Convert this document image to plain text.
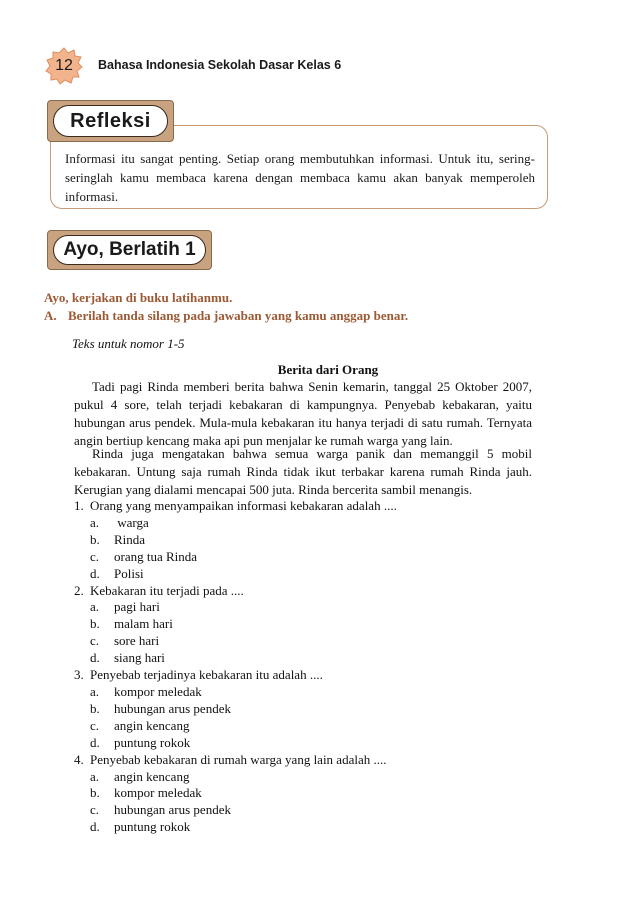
12	Bahasa Indonesia Sekolah Dasar Kelas 6
Informasi itu sangat penting. Setiap orang membutuhkan informasi. Untuk itu, sering-seringlah kamu membaca karena dengan membaca kamu akan banyak memperoleh informasi.
Refleksi
Ayo, Berlatih 1
Ayo, kerjakan di buku latihanmu.
A. Berilah tanda silang pada jawaban yang kamu anggap benar.
Teks untuk nomor 1-5
Berita dari Orang
Tadi pagi Rinda memberi berita bahwa Senin kemarin, tanggal 25 Oktober 2007, pukul 4 sore, telah terjadi kebakaran di kampungnya. Penyebab kebakaran, yaitu hubungan arus pendek. Mula-mula kebakaran itu hanya terjadi di satu rumah. Ternyata angin bertiup kencang maka api pun menjalar ke rumah warga yang lain.
Rinda juga mengatakan bahwa semua warga panik dan memanggil 5 mobil kebakaran. Untung saja rumah Rinda tidak ikut terbakar karena rumah Rinda jauh. Kerugian yang dialami mencapai 500 juta. Rinda bercerita sambil menangis.
1. Orang yang menyampaikan informasi kebakaran adalah ....
a. warga
b. Rinda
c. orang tua Rinda
d. Polisi
2. Kebakaran itu terjadi pada ....
a. pagi hari
b. malam hari
c. sore hari
d. siang hari
3. Penyebab terjadinya kebakaran itu adalah ....
a. kompor meledak
b. hubungan arus pendek
c. angin kencang
d. puntung rokok
4. Penyebab kebakaran di rumah warga yang lain adalah ....
a. angin kencang
b. kompor meledak
c. hubungan arus pendek
d. puntung rokok
